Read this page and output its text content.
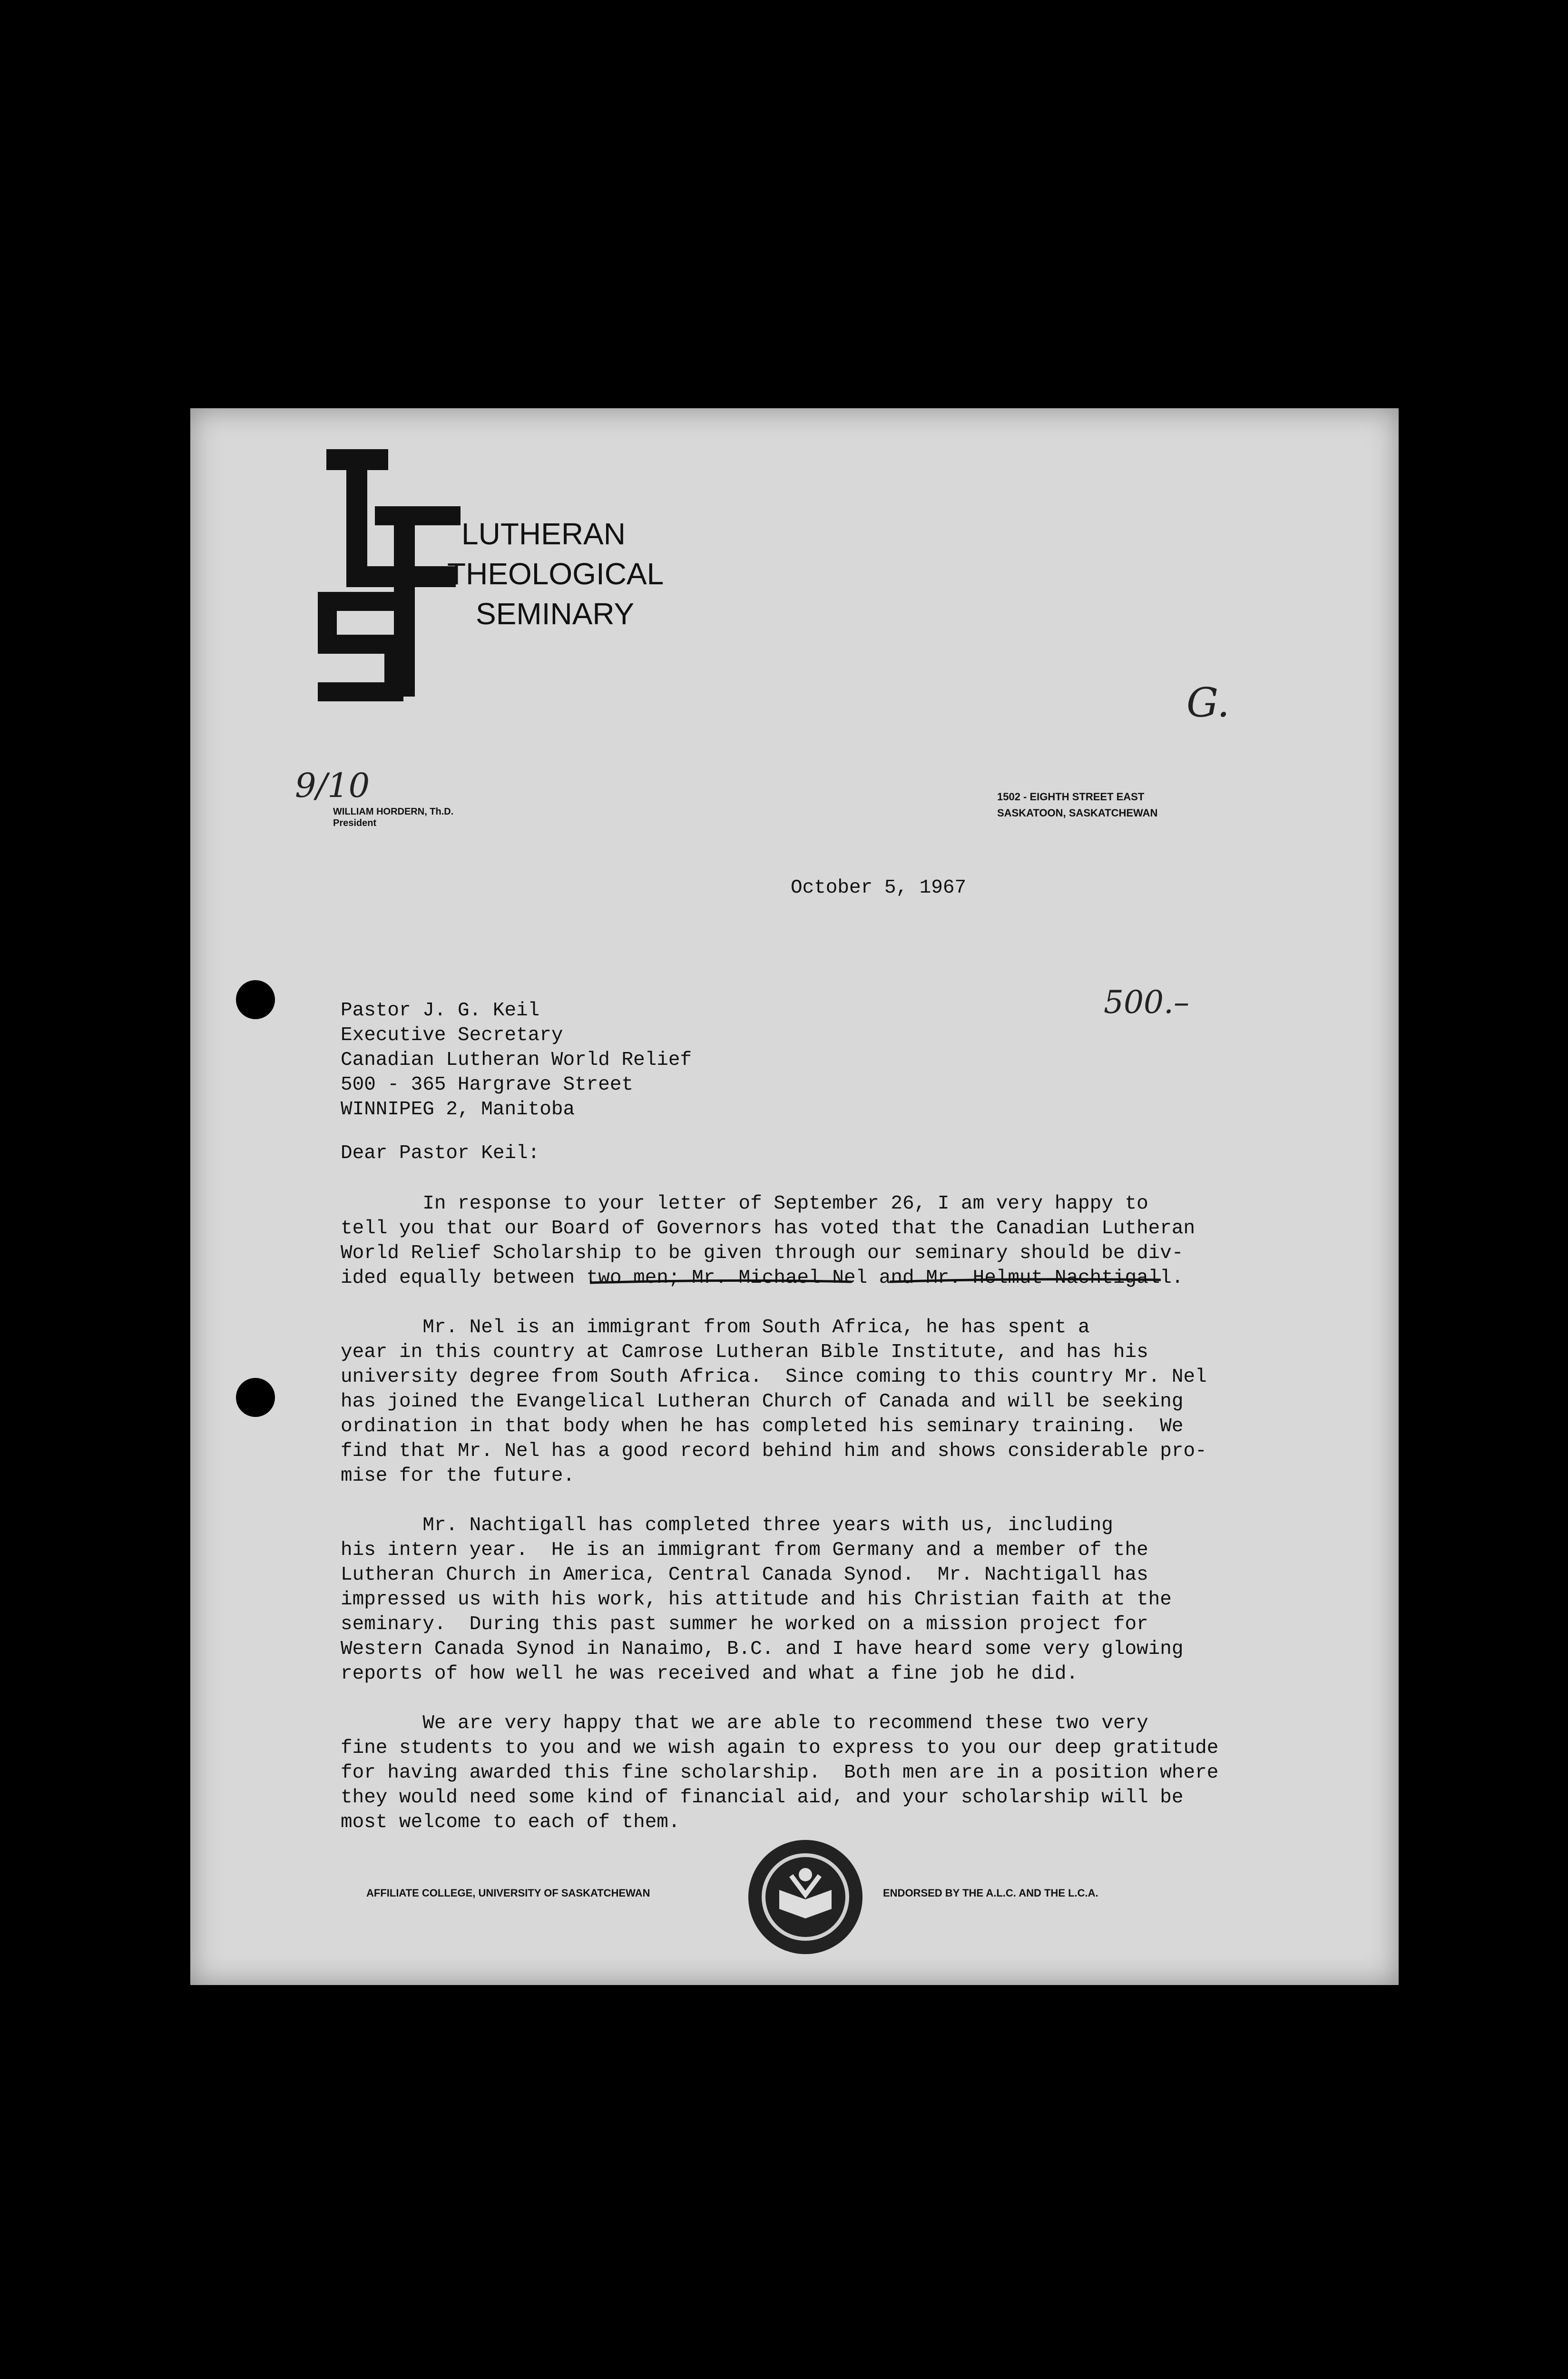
LUTHERAN
THEOLOGICAL
SEMINARY
9/10
WILLIAM HORDERN, Th.D.
President
G.
1502 - EIGHTH STREET EAST
SASKATOON, SASKATCHEWAN
October 5, 1967
500.–
Pastor J. G. Keil
Executive Secretary
Canadian Lutheran World Relief
500 - 365 Hargrave Street
WINNIPEG 2, Manitoba
Dear Pastor Keil:
In response to your letter of September 26, I am very happy to
tell you that our Board of Governors has voted that the Canadian Lutheran
World Relief Scholarship to be given through our seminary should be div-
ided equally between two men; Mr. Michael Nel and Mr. Helmut Nachtigall.
Mr. Nel is an immigrant from South Africa, he has spent a
year in this country at Camrose Lutheran Bible Institute, and has his
university degree from South Africa.  Since coming to this country Mr. Nel
has joined the Evangelical Lutheran Church of Canada and will be seeking
ordination in that body when he has completed his seminary training.  We
find that Mr. Nel has a good record behind him and shows considerable pro-
mise for the future.
Mr. Nachtigall has completed three years with us, including
his intern year.  He is an immigrant from Germany and a member of the
Lutheran Church in America, Central Canada Synod.  Mr. Nachtigall has
impressed us with his work, his attitude and his Christian faith at the
seminary.  During this past summer he worked on a mission project for
Western Canada Synod in Nanaimo, B.C. and I have heard some very glowing
reports of how well he was received and what a fine job he did.
We are very happy that we are able to recommend these two very
fine students to you and we wish again to express to you our deep gratitude
for having awarded this fine scholarship.  Both men are in a position where
they would need some kind of financial aid, and your scholarship will be
most welcome to each of them.
AFFILIATE COLLEGE, UNIVERSITY OF SASKATCHEWAN	ENDORSED BY THE A.L.C. AND THE L.C.A.
